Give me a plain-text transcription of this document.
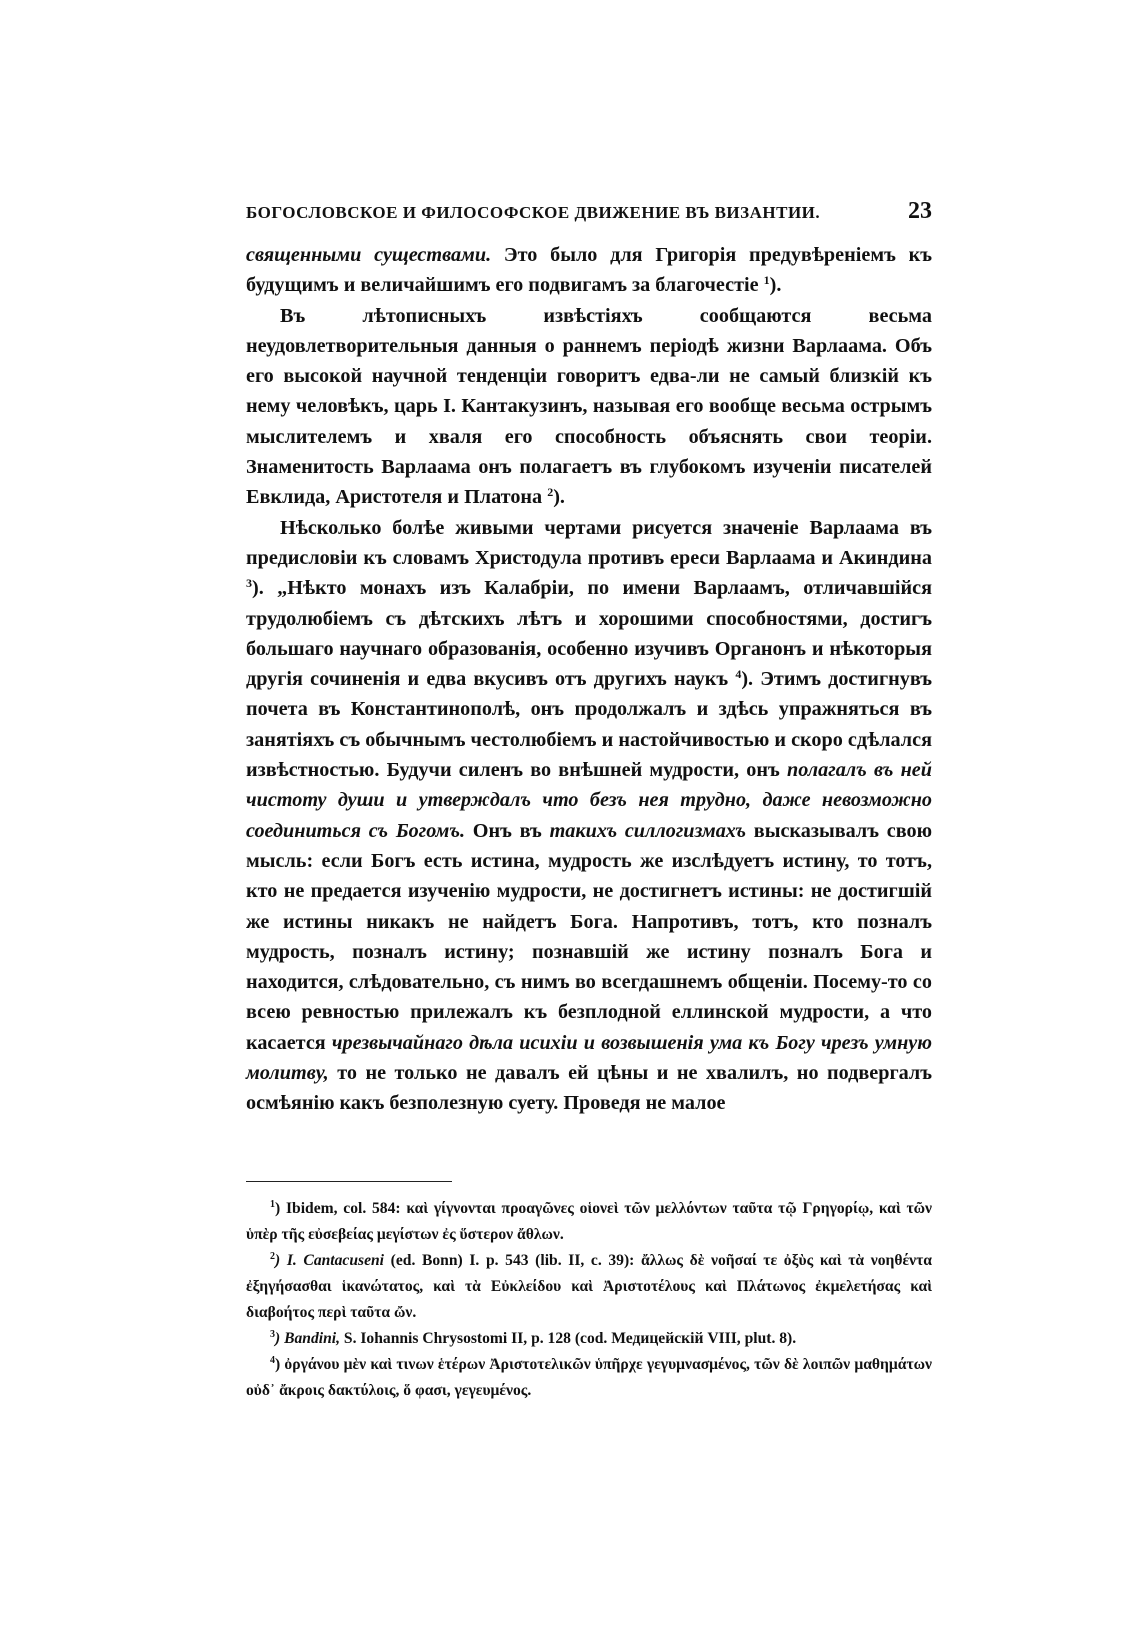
БОГОСЛОВСКОЕ И ФИЛОСОФСКОЕ ДВИЖЕНИЕ ВЪ ВИЗАНТИИ.	23

священными существами. Это было для Григорія предувѣреніемъ къ будущимъ и величайшимъ его подвигамъ за благочестіе $^1$).

Въ лѣтописныхъ извѣстіяхъ сообщаются весьма неудовлетворительныя данныя о раннемъ періодѣ жизни Варлаама. Объ его высокой научной тенденціи говоритъ едва-ли не самый близкій къ нему человѣкъ, царь І. Кантакузинъ, называя его вообще весьма острымъ мыслителемъ и хваля его способность объяснять свои теоріи. Знаменитость Варлаама онъ полагаетъ въ глубокомъ изученіи писателей Евклида, Аристотеля и Платона $^2$).

Нѣсколько болѣе живыми чертами рисуется значеніе Варлаама въ предисловіи къ словамъ Христодула противъ ереси Варлаама и Акиндина $^3$). „Нѣкто монахъ изъ Калабріи, по имени Варлаамъ, отличавшійся трудолюбіемъ съ дѣтскихъ лѣтъ и хорошими способностями, достигъ большаго научнаго образованія, особенно изучивъ Органонъ и нѣкоторыя другія сочиненія и едва вкусивъ отъ другихъ наукъ $^4$). Этимъ достигнувъ почета въ Константинополѣ, онъ продолжалъ и здѣсь упражняться въ занятіяхъ съ обычнымъ честолюбіемъ и настойчивостью и скоро сдѣлался извѣстностью. Будучи силенъ во внѣшней мудрости, онъ полагалъ въ ней чистоту души и утверждалъ что безъ нея трудно, даже невозможно соединиться съ Богомъ. Онъ въ такихъ силлогизмахъ высказывалъ свою мысль: если Богъ есть истина, мудрость же изслѣдуетъ истину, то тотъ, кто не предается изученію мудрости, не достигнетъ истины: не достигшій же истины никакъ не найдетъ Бога. Напротивъ, тотъ, кто позналъ мудрость, позналъ истину; познавшій же истину позналъ Бога и находится, слѣдовательно, съ нимъ во всегдашнемъ общеніи. Посему-то со всею ревностью прилежалъ къ безплодной еллинской мудрости, а что касается чрезвычайнаго дѣла исихіи и возвышенія ума къ Богу чрезъ умную молитву, то не только не давалъ ей цѣны и не хвалилъ, но подвергалъ осмѣянію какъ безполезную суету. Проведя не малое

$^1$) Ibidem, col. 584: καὶ γίγνονται προαγῶνες οἱονεὶ τῶν μελλόντων ταῦτα τῷ Γρηγορίῳ, καὶ τῶν ὑπὲρ τῆς εὐσεβείας μεγίστων ἐς ὕστερον ἄθλων.

$^2$) I. Cantacuseni (ed. Bonn) I. p. 543 (lib. II, c. 39): ἄλλως δὲ νοῆσαί τε ὀξὺς καὶ τὰ νοηθέντα ἐξηγήσασθαι ἱκανώτατος, καὶ τὰ Εὐκλείδου καὶ Ἀριστοτέλους καὶ Πλάτωνος ἐκμελετήσας καὶ διαβοήτος περὶ ταῦτα ὤν.

$^3$) Bandini, S. Iohannis Chrysostomi II, p. 128 (cod. Медицейскій VIII, plut. 8).

$^4$) ὀργάνου μὲν καὶ τινων ἑτέρων Ἀριστοτελικῶν ὑπῆρχε γεγυμνασμένος, τῶν δὲ λοιπῶν μαθημάτων οὐδ᾽ ἄκροις δακτύλοις, ὅ φασι, γεγευμένος.
